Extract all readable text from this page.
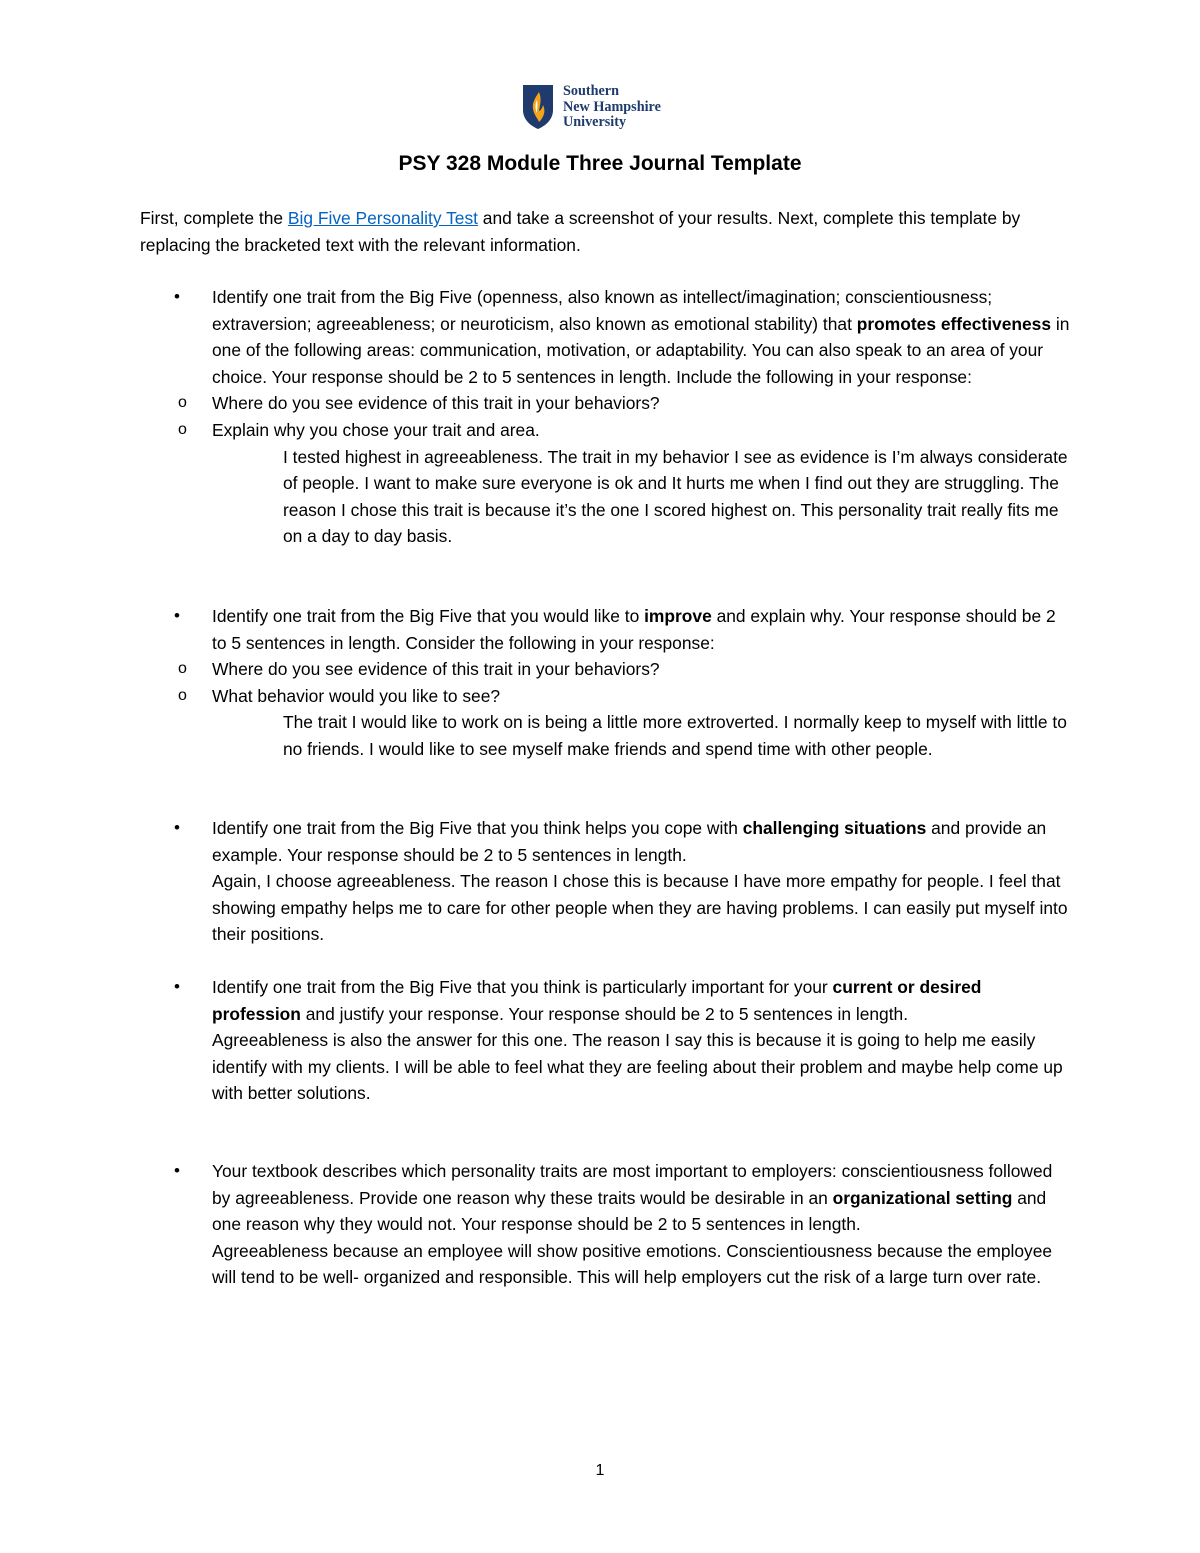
Southern
New Hampshire
University
PSY 328 Module Three Journal Template
First, complete the Big Five Personality Test and take a screenshot of your results. Next, complete this template by replacing the bracketed text with the relevant information.
• Identify one trait from the Big Five (openness, also known as intellect/imagination; conscientiousness; extraversion; agreeableness; or neuroticism, also known as emotional stability) that promotes effectiveness in one of the following areas: communication, motivation, or adaptability. You can also speak to an area of your choice. Your response should be 2 to 5 sentences in length. Include the following in your response:
o Where do you see evidence of this trait in your behaviors?
o Explain why you chose your trait and area.
I tested highest in agreeableness. The trait in my behavior I see as evidence is I’m always considerate of people. I want to make sure everyone is ok and It hurts me when I find out they are struggling. The reason I chose this trait is because it’s the one I scored highest on. This personality trait really fits me on a day to day basis.
• Identify one trait from the Big Five that you would like to improve and explain why. Your response should be 2 to 5 sentences in length. Consider the following in your response:
o Where do you see evidence of this trait in your behaviors?
o What behavior would you like to see?
The trait I would like to work on is being a little more extroverted. I normally keep to myself with little to no friends. I would like to see myself make friends and spend time with other people.
• Identify one trait from the Big Five that you think helps you cope with challenging situations and provide an example. Your response should be 2 to 5 sentences in length.
Again, I choose agreeableness. The reason I chose this is because I have more empathy for people. I feel that showing empathy helps me to care for other people when they are having problems. I can easily put myself into their positions.
• Identify one trait from the Big Five that you think is particularly important for your current or desired profession and justify your response. Your response should be 2 to 5 sentences in length.
Agreeableness is also the answer for this one. The reason I say this is because it is going to help me easily identify with my clients. I will be able to feel what they are feeling about their problem and maybe help come up with better solutions.
• Your textbook describes which personality traits are most important to employers: conscientiousness followed by agreeableness. Provide one reason why these traits would be desirable in an organizational setting and one reason why they would not. Your response should be 2 to 5 sentences in length.
Agreeableness because an employee will show positive emotions. Conscientiousness because the employee will tend to be well- organized and responsible. This will help employers cut the risk of a large turn over rate.
1
